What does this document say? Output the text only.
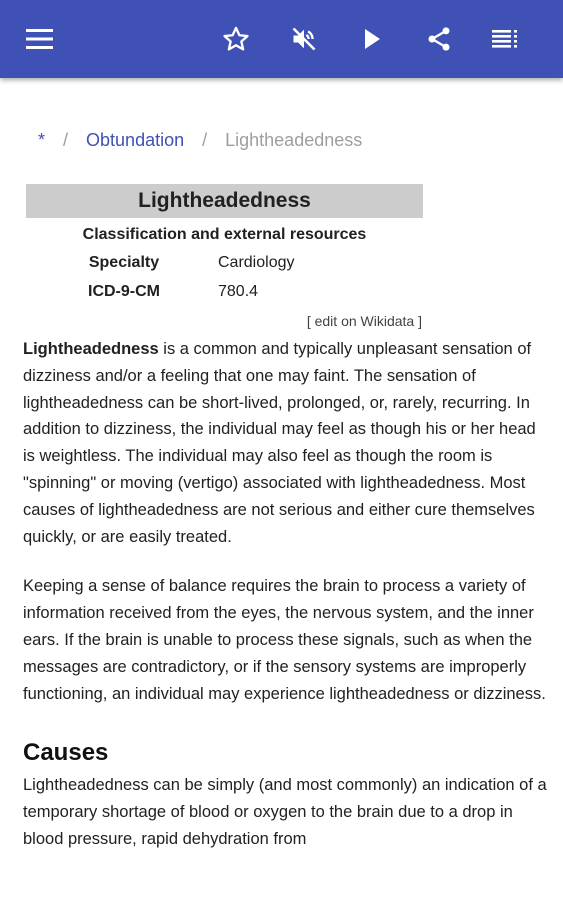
* / Obtundation / Lightheadedness
Lightheadedness
Classification and external resources
Specialty	Cardiology
ICD-9-CM	780.4
[ edit on Wikidata ]

Lightheadedness is a common and typically unpleasant sensation of dizziness and/or a feeling that one may faint. The sensation of lightheadedness can be short-lived, prolonged, or, rarely, recurring. In addition to dizziness, the individual may feel as though his or her head is weightless. The individual may also feel as though the room is "spinning" or moving (vertigo) associated with lightheadedness. Most causes of lightheadedness are not serious and either cure themselves quickly, or are easily treated.

Keeping a sense of balance requires the brain to process a variety of information received from the eyes, the nervous system, and the inner ears. If the brain is unable to process these signals, such as when the messages are contradictory, or if the sensory systems are improperly functioning, an individual may experience lightheadedness or dizziness.

Causes

Lightheadedness can be simply (and most commonly) an indication of a temporary shortage of blood or oxygen to the brain due to a drop in blood pressure, rapid dehydration from
